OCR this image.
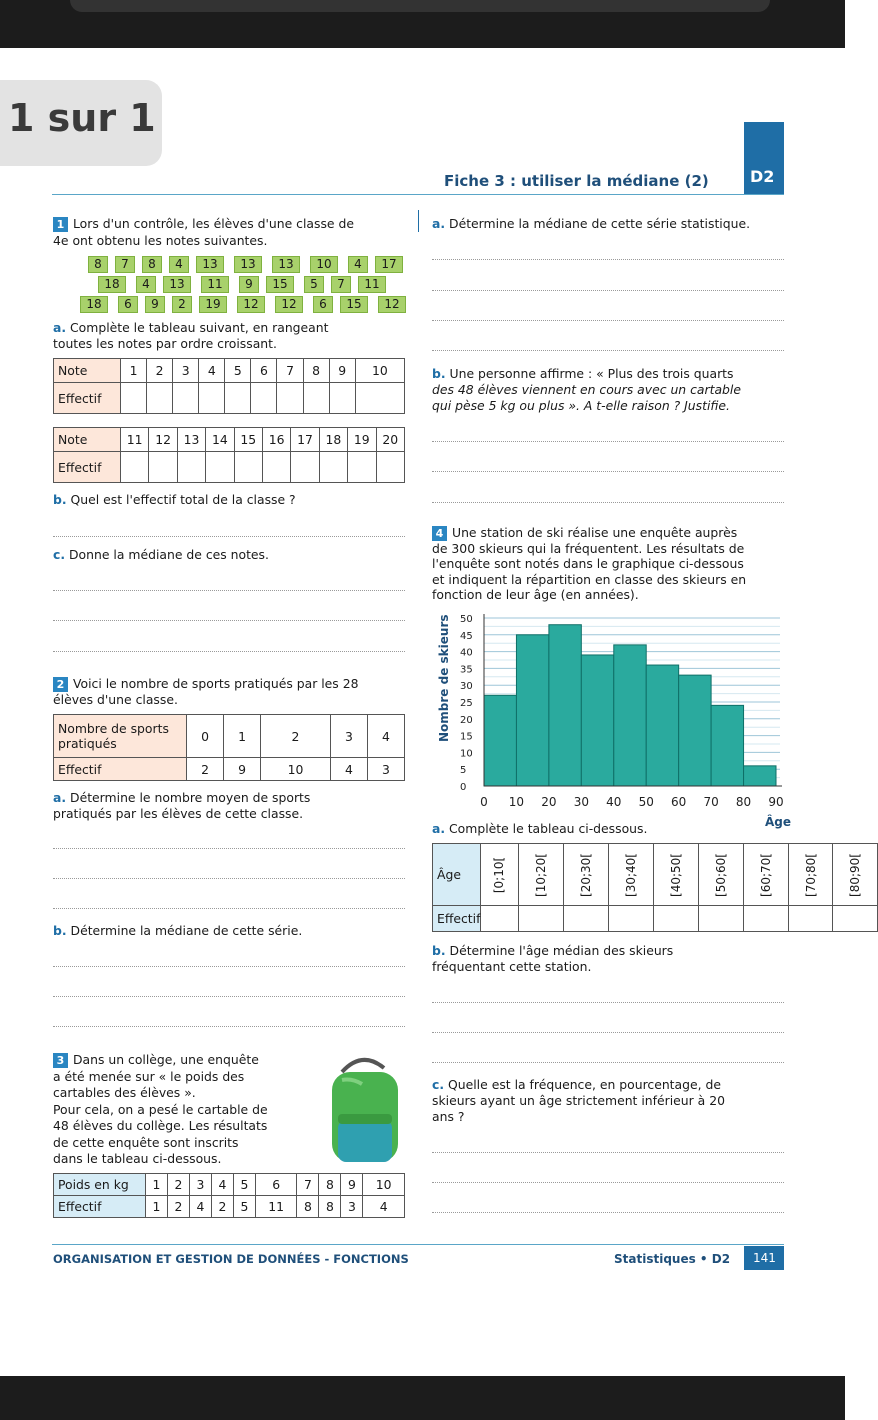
1 sur 1
Fiche 3 : utiliser la médiane (2)	D2
1 Lors d'un contrôle, les élèves d'une classe de
4e ont obtenu les notes suivantes.
8	7	8	4	13	13	13	10	4	17
18	4	13	11	9	15	5	7	11
18	6	9	2	19	12	12	6	15	12
a. Complète le tableau suivant, en rangeant
toutes les notes par ordre croissant.
Note	1	2	3	4	5	6	7	8	9	10
Effectif										
Note	11	12	13	14	15	16	17	18	19	20
Effectif										
b. Quel est l'effectif total de la classe ?
c. Donne la médiane de ces notes.
2 Voici le nombre de sports pratiqués par les 28
élèves d'une classe.
Nombre de sports
pratiqués	0	1	2	3	4
Effectif	2	9	10	4	3
a. Détermine le nombre moyen de sports
pratiqués par les élèves de cette classe.
b. Détermine la médiane de cette série.
3 Dans un collège, une enquête
a été menée sur « le poids des
cartables des élèves ».
Pour cela, on a pesé le cartable de
48 élèves du collège. Les résultats
de cette enquête sont inscrits
dans le tableau ci-dessous.
Poids en kg	1	2	3	4	5	6	7	8	9	10
Effectif	1	2	4	2	5	11	8	8	3	4
a. Détermine la médiane de cette série statistique.
b. Une personne affirme : « Plus des trois quarts
des 48 élèves viennent en cours avec un cartable
qui pèse 5 kg ou plus ». A t-elle raison ? Justifie.
4 Une station de ski réalise une enquête auprès
de 300 skieurs qui la fréquentent. Les résultats de
l'enquête sont notés dans le graphique ci-dessous
et indiquent la répartition en classe des skieurs en
fonction de leur âge (en années).
0
5
10
15
20
25
30
35
40
45
50
0 10 20 30 40 50 60 70 80 90
Nombre de skieurs
Âge
a. Complète le tableau ci-dessous.
Âge	[0;10[	[10;20[	[20;30[	[30;40[	[40;50[	[50;60[	[60;70[	[70;80[	[80;90[
Effectif									
b. Détermine l'âge médian des skieurs
fréquentant cette station.
c. Quelle est la fréquence, en pourcentage, de
skieurs ayant un âge strictement inférieur à 20
ans ?
ORGANISATION ET GESTION DE DONNÉES - FONCTIONS	Statistiques • D2 141
